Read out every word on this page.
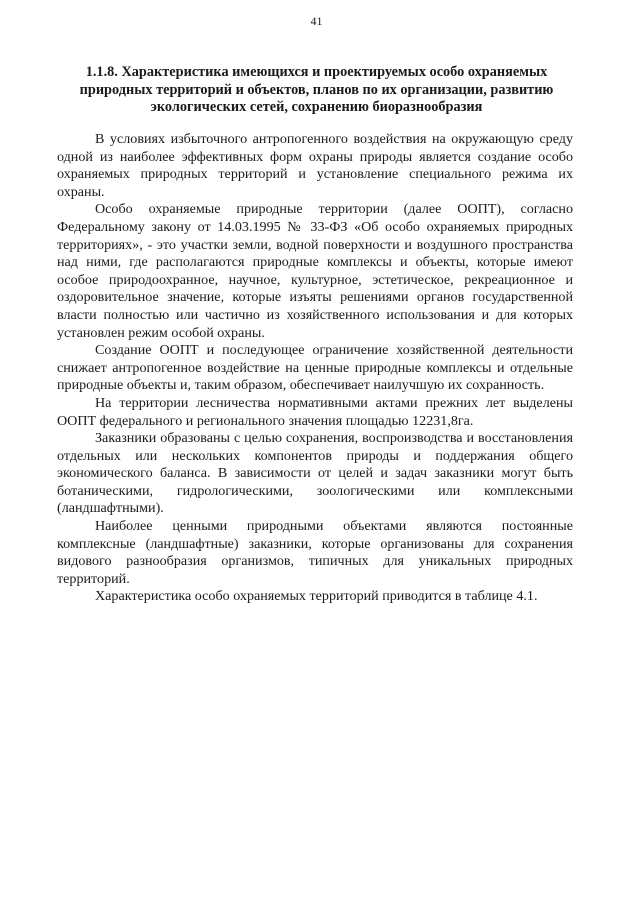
41
1.1.8. Характеристика имеющихся и проектируемых особо охраняемых природных территорий и объектов, планов по их организации, развитию экологических сетей, сохранению биоразнообразия

В условиях избыточного антропогенного воздействия на окружающую среду одной из наиболее эффективных форм охраны природы является создание особо охраняемых природных территорий и установление специального режима их охраны.

Особо охраняемые природные территории (далее ООПТ), согласно Федеральному закону от 14.03.1995 № 33-ФЗ «Об особо охраняемых природных территориях», - это участки земли, водной поверхности и воздушного пространства над ними, где располагаются природные комплексы и объекты, которые имеют особое природоохранное, научное, культурное, эстетическое, рекреационное и оздоровительное значение, которые изъяты решениями органов государственной власти полностью или частично из хозяйственного использования и для которых установлен режим особой охраны.

Создание ООПТ и последующее ограничение хозяйственной деятельности снижает антропогенное воздействие на ценные природные комплексы и отдельные природные объекты и, таким образом, обеспечивает наилучшую их сохранность.

На территории лесничества нормативными актами прежних лет выделены ООПТ федерального и регионального значения площадью 12231,8га.

Заказники образованы с целью сохранения, воспроизводства и восстановления отдельных или нескольких компонентов природы и поддержания общего экономического баланса. В зависимости от целей и задач заказники могут быть ботаническими, гидрологическими, зоологическими или комплексными (ландшафтными).

Наиболее ценными природными объектами являются постоянные комплексные (ландшафтные) заказники, которые организованы для сохранения видового разнообразия организмов, типичных для уникальных природных территорий.

Характеристика особо охраняемых территорий приводится в таблице 4.1.
